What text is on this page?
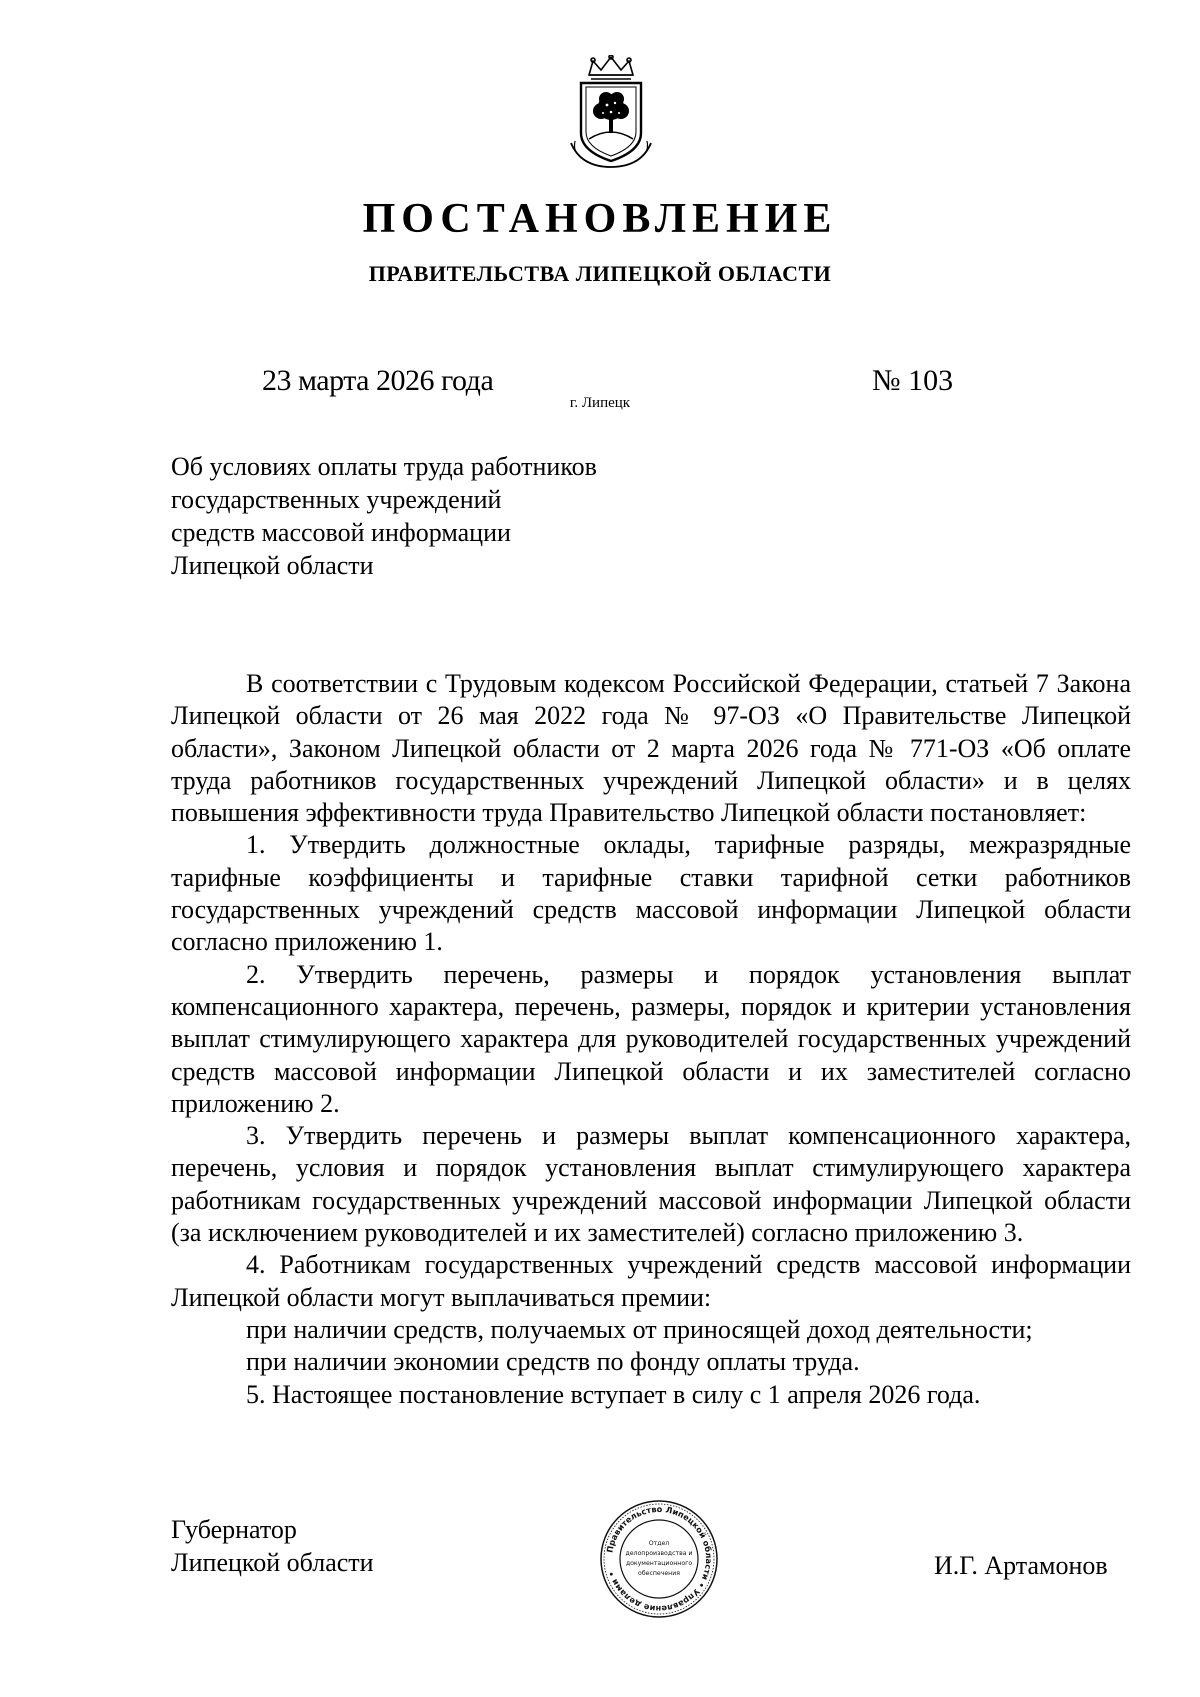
ПОСТАНОВЛЕНИЕ
ПРАВИТЕЛЬСТВА ЛИПЕЦКОЙ ОБЛАСТИ
23 марта 2026 года
г. Липецк
№ 103
Об условиях оплаты труда работников
государственных учреждений
средств массовой информации
Липецкой области

В соответствии с Трудовым кодексом Российской Федерации, статьей 7 Закона Липецкой области от 26 мая 2022 года № 97-ОЗ «О Правительстве Липецкой области», Законом Липецкой области от 2 марта 2026 года № 771-ОЗ «Об оплате труда работников государственных учреждений Липецкой области» и в целях повышения эффективности труда Правительство Липецкой области постановляет:

1. Утвердить должностные оклады, тарифные разряды, межразрядные тарифные коэффициенты и тарифные ставки тарифной сетки работников государственных учреждений средств массовой информации Липецкой области согласно приложению 1.

2. Утвердить перечень, размеры и порядок установления выплат компенсационного характера, перечень, размеры, порядок и критерии установления выплат стимулирующего характера для руководителей государственных учреждений средств массовой информации Липецкой области и их заместителей согласно приложению 2.

3. Утвердить перечень и размеры выплат компенсационного характера, перечень, условия и порядок установления выплат стимулирующего характера работникам государственных учреждений массовой информации Липецкой области (за исключением руководителей и их заместителей) согласно приложению 3.

4. Работникам государственных учреждений средств массовой информации Липецкой области могут выплачиваться премии:

при наличии средств, получаемых от приносящей доход деятельности;

при наличии экономии средств по фонду оплаты труда.

5. Настоящее постановление вступает в силу с 1 апреля 2026 года.

Губернатор
Липецкой области	Правительство Липецкой области • Управление делами •
Отдел
делопроизводства и
документационного
обеспечения	И.Г. Артамонов
